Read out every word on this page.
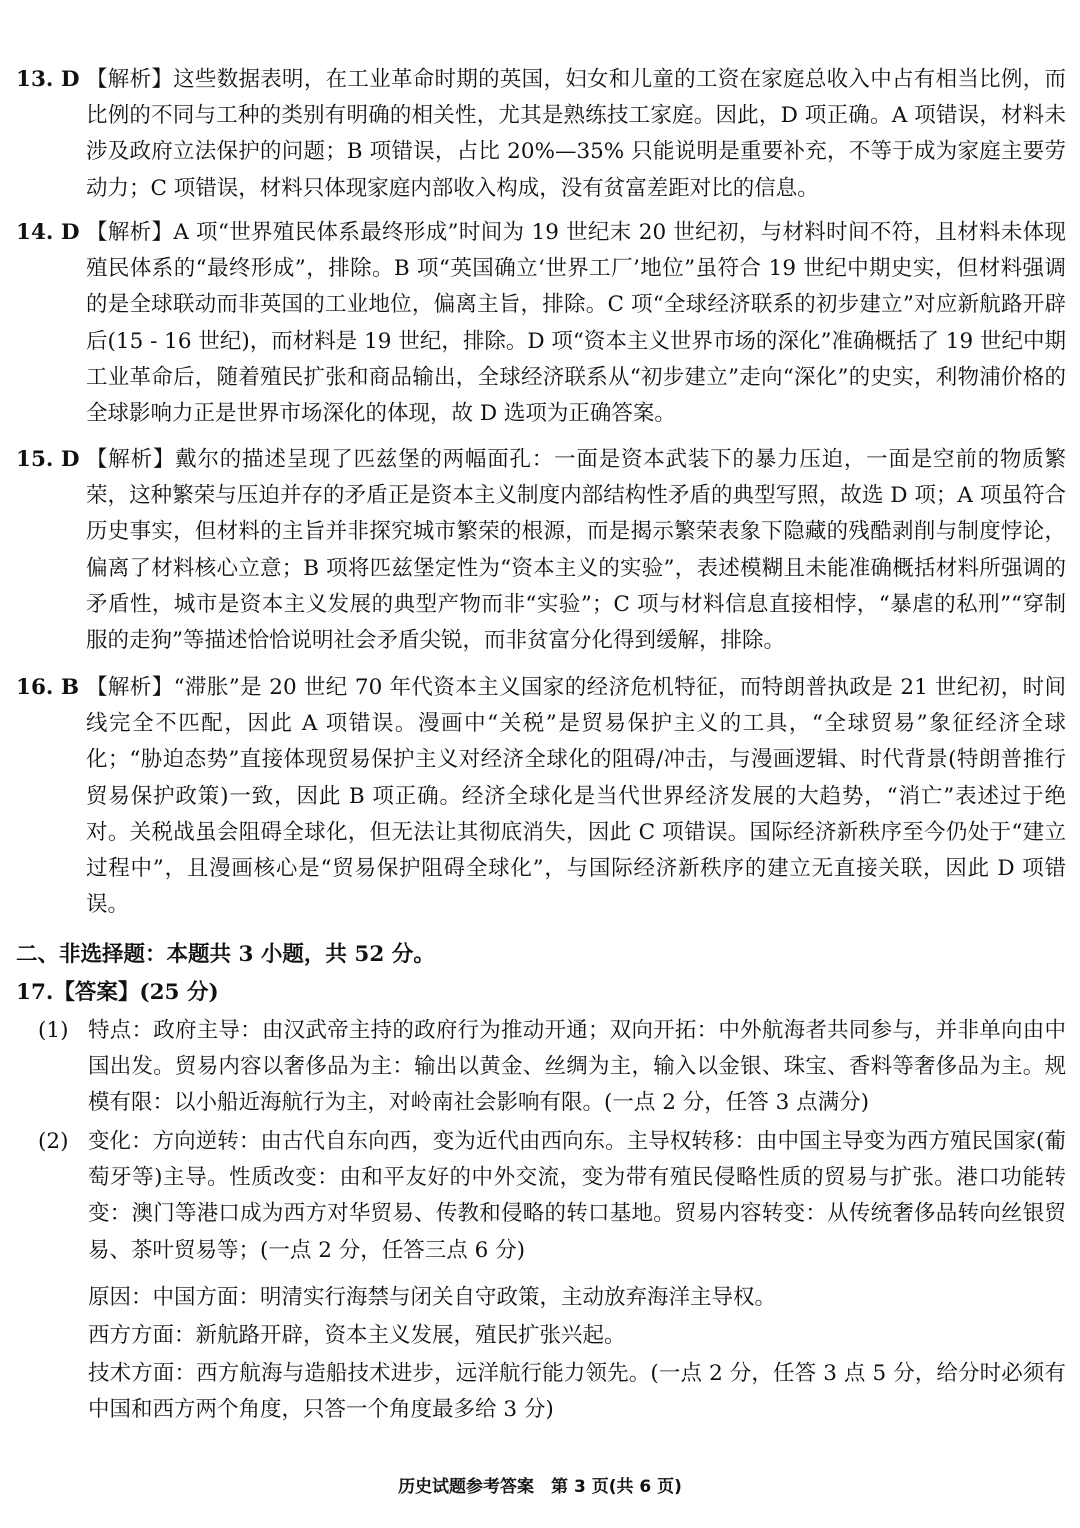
13. D 【解析】这些数据表明，在工业革命时期的英国，妇女和儿童的工资在家庭总收入中占有相当比例，而比例的不同与工种的类别有明确的相关性，尤其是熟练技工家庭。因此，D 项正确。A 项错误，材料未涉及政府立法保护的问题；B 项错误，占比 20%—35% 只能说明是重要补充，不等于成为家庭主要劳动力；C 项错误，材料只体现家庭内部收入构成，没有贫富差距对比的信息。
14. D 【解析】A 项“世界殖民体系最终形成”时间为 19 世纪末 20 世纪初，与材料时间不符，且材料未体现殖民体系的“最终形成”，排除。B 项“英国确立‘世界工厂’地位”虽符合 19 世纪中期史实，但材料强调的是全球联动而非英国的工业地位，偏离主旨，排除。C 项“全球经济联系的初步建立”对应新航路开辟后(15 - 16 世纪)，而材料是 19 世纪，排除。D 项“资本主义世界市场的深化”准确概括了 19 世纪中期工业革命后，随着殖民扩张和商品输出，全球经济联系从“初步建立”走向“深化”的史实，利物浦价格的全球影响力正是世界市场深化的体现，故 D 选项为正确答案。
15. D 【解析】戴尔的描述呈现了匹兹堡的两幅面孔：一面是资本武装下的暴力压迫，一面是空前的物质繁荣，这种繁荣与压迫并存的矛盾正是资本主义制度内部结构性矛盾的典型写照，故选 D 项；A 项虽符合历史事实，但材料的主旨并非探究城市繁荣的根源，而是揭示繁荣表象下隐藏的残酷剥削与制度悖论，偏离了材料核心立意；B 项将匹兹堡定性为“资本主义的实验”，表述模糊且未能准确概括材料所强调的矛盾性，城市是资本主义发展的典型产物而非“实验”；C 项与材料信息直接相悖，“暴虐的私刑”“穿制服的走狗”等描述恰恰说明社会矛盾尖锐，而非贫富分化得到缓解，排除。
16. B 【解析】“滞胀”是 20 世纪 70 年代资本主义国家的经济危机特征，而特朗普执政是 21 世纪初，时间线完全不匹配，因此 A 项错误。漫画中“关税”是贸易保护主义的工具，“全球贸易”象征经济全球化；“胁迫态势”直接体现贸易保护主义对经济全球化的阻碍/冲击，与漫画逻辑、时代背景(特朗普推行贸易保护政策)一致，因此 B 项正确。经济全球化是当代世界经济发展的大趋势，“消亡”表述过于绝对。关税战虽会阻碍全球化，但无法让其彻底消失，因此 C 项错误。国际经济新秩序至今仍处于“建立过程中”，且漫画核心是“贸易保护阻碍全球化”，与国际经济新秩序的建立无直接关联，因此 D 项错误。
二、非选择题：本题共 3 小题，共 52 分。
17.【答案】(25 分)
(1) 特点：政府主导：由汉武帝主持的政府行为推动开通；双向开拓：中外航海者共同参与，并非单向由中国出发。贸易内容以奢侈品为主：输出以黄金、丝绸为主，输入以金银、珠宝、香料等奢侈品为主。规模有限：以小船近海航行为主，对岭南社会影响有限。(一点 2 分，任答 3 点满分)
(2) 变化：方向逆转：由古代自东向西，变为近代由西向东。主导权转移：由中国主导变为西方殖民国家(葡萄牙等)主导。性质改变：由和平友好的中外交流，变为带有殖民侵略性质的贸易与扩张。港口功能转变：澳门等港口成为西方对华贸易、传教和侵略的转口基地。贸易内容转变：从传统奢侈品转向丝银贸易、茶叶贸易等；(一点 2 分，任答三点 6 分)
原因：中国方面：明清实行海禁与闭关自守政策，主动放弃海洋主导权。
西方方面：新航路开辟，资本主义发展，殖民扩张兴起。
技术方面：西方航海与造船技术进步，远洋航行能力领先。(一点 2 分，任答 3 点 5 分，给分时必须有中国和西方两个角度，只答一个角度最多给 3 分)
历史试题参考答案　第 3 页(共 6 页)
